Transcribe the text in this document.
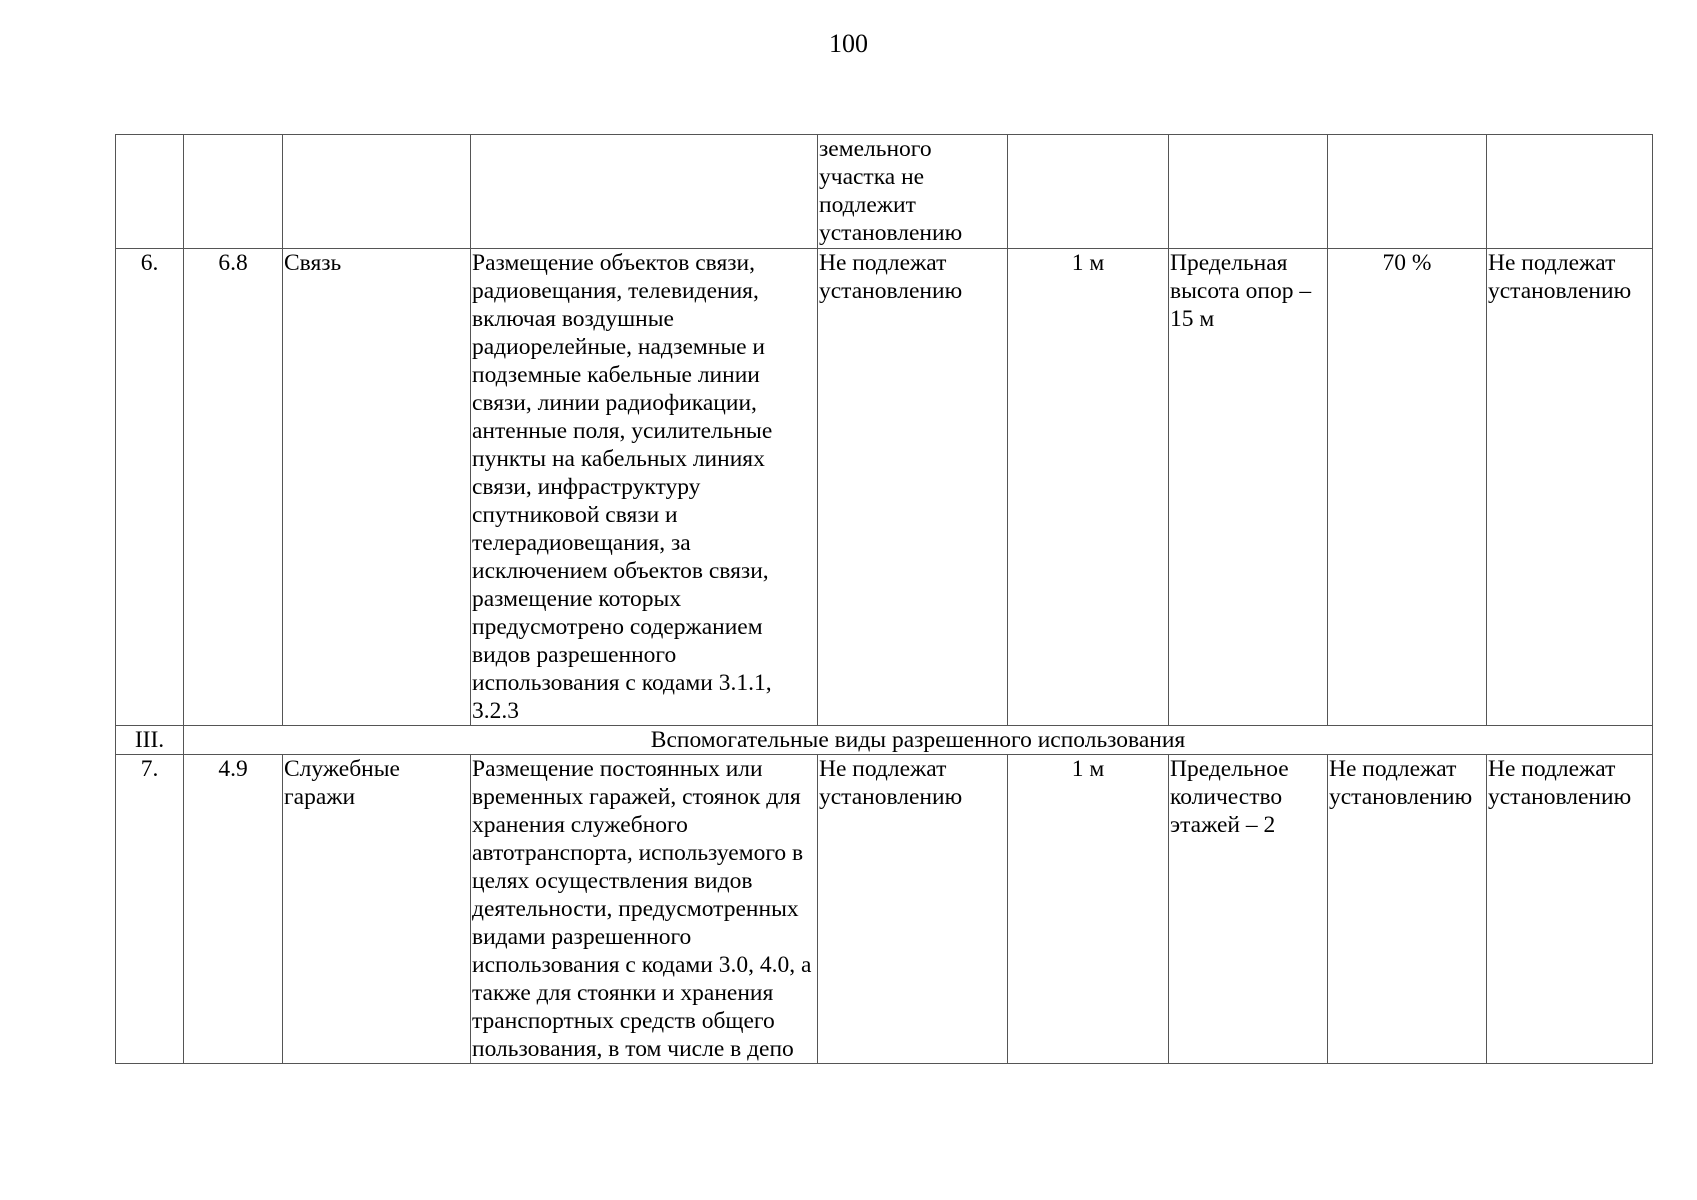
100
				земельного участка не подлежит установлению				
6.	6.8	Связь	Размещение объектов связи, радиовещания, телевидения, включая воздушные радиорелейные, надземные и подземные кабельные линии связи, линии радиофикации, антенные поля, усилительные пункты на кабельных линиях связи, инфраструктуру спутниковой связи и телерадиовещания, за исключением объектов связи, размещение которых предусмотрено содержанием видов разрешенного использования с кодами 3.1.1, 3.2.3	Не подлежат установлению	1 м	Предельная высота опор – 15 м	70 %	Не подлежат установлению
III.	Вспомогательные виды разрешенного использования							
7.	4.9	Служебные гаражи	Размещение постоянных или временных гаражей, стоянок для хранения служебного автотранспорта, используемого в целях осуществления видов деятельности, предусмотренных видами разрешенного использования с кодами 3.0, 4.0, а также для стоянки и хранения транспортных средств общего пользования, в том числе в депо	Не подлежат установлению	1 м	Предельное количество этажей – 2	Не подлежат установлению	Не подлежат установлению
